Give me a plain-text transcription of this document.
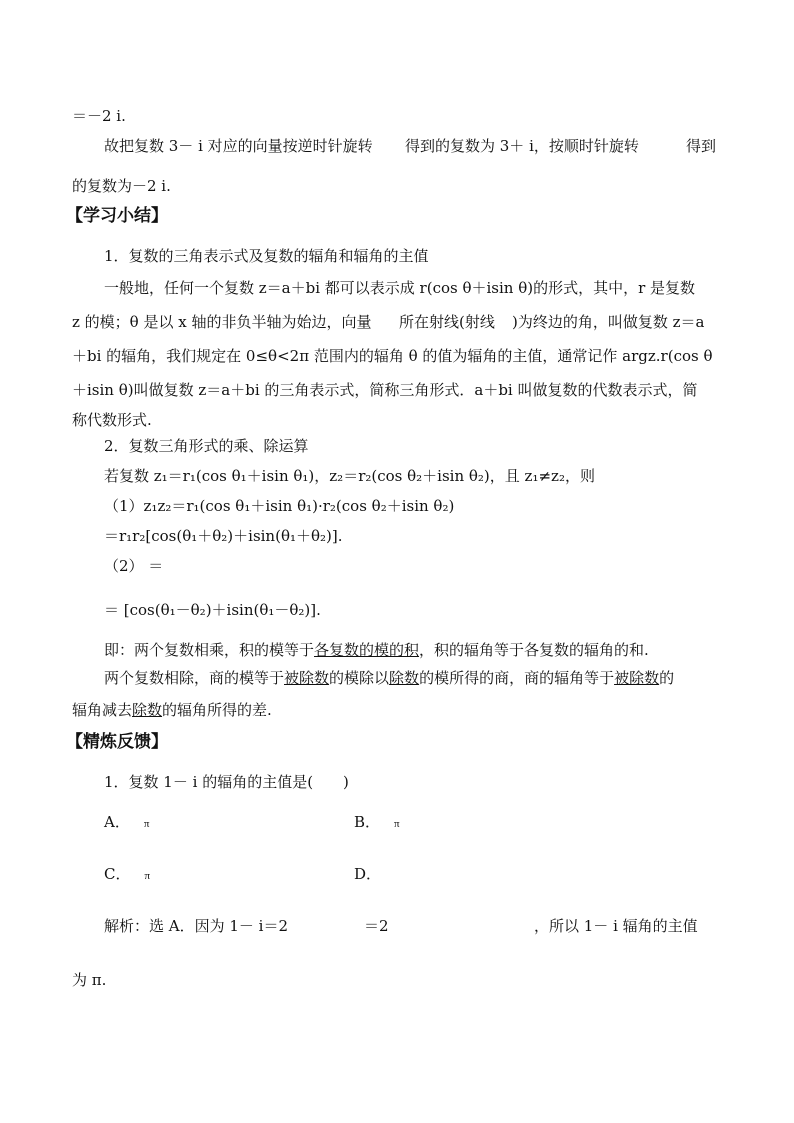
＝－2 i.
故把复数 3－ i 对应的向量按逆时针旋转 得到的复数为 3＋ i，按顺时针旋转	得到
的复数为－2 i.
【学习小结】
1．复数的三角表示式及复数的辐角和辐角的主值
一般地，任何一个复数 z＝a＋bi 都可以表示成 r(cos θ＋isin θ)的形式，其中，r 是复数
z 的模；θ 是以 x 轴的非负半轴为始边，向量 所在射线(射线 )为终边的角，叫做复数 z＝a
＋bi 的辐角，我们规定在 0≤θ<2π 范围内的辐角 θ 的值为辐角的主值，通常记作 argz.r(cos θ
＋isin θ)叫做复数 z＝a＋bi 的三角表示式，简称三角形式．a＋bi 叫做复数的代数表示式，简
称代数形式.
2．复数三角形式的乘、除运算
若复数 z₁＝r₁(cos θ₁＋isin θ₁)，z₂＝r₂(cos θ₂＋isin θ₂)，且 z₁≠z₂，则
（1）z₁z₂＝r₁(cos θ₁＋isin θ₁)·r₂(cos θ₂＋isin θ₂)
＝r₁r₂[cos(θ₁＋θ₂)＋isin(θ₁＋θ₂)].
（2） ＝
＝ [cos(θ₁－θ₂)＋isin(θ₁－θ₂)].
即：两个复数相乘，积的模等于各复数的模的积，积的辐角等于各复数的辐角的和.
两个复数相除，商的模等于被除数的模除以除数的模所得的商，商的辐角等于被除数的
辐角减去除数的辐角所得的差.
【精炼反馈】
1．复数 1－ i 的辐角的主值是(　　)
A． π	B． π
C． π	D．
解析：选 A．因为 1－ i＝2	＝2	，所以 1－ i 辐角的主值
为 π.
